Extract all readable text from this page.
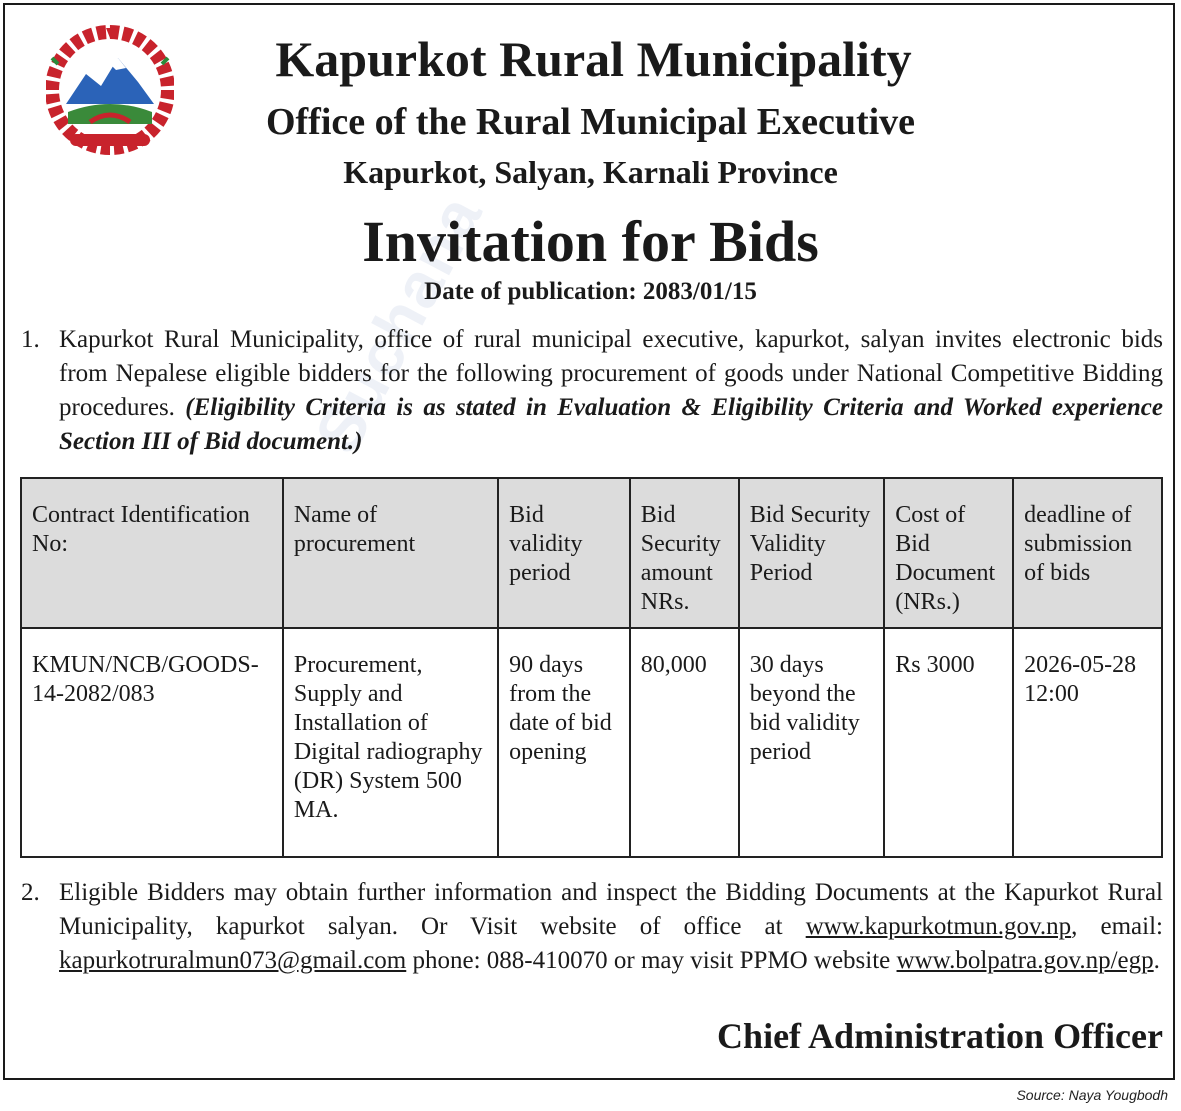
Suchana
Kapurkot Rural Municipality
Office of the Rural Municipal Executive
Kapurkot, Salyan, Karnali Province
Invitation for Bids
Date of publication: 2083/01/15
1. Kapurkot Rural Municipality, office of rural municipal executive, kapurkot, salyan invites electronic bids from Nepalese eligible bidders for the following procurement of goods under National Competitive Bidding procedures. (Eligibility Criteria is as stated in Evaluation & Eligibility Criteria and Worked experience Section III of Bid document.)
Contract Identification No:	Name of procurement	Bid validity period	Bid Security amount NRs.	Bid Security Validity Period	Cost of Bid Document (NRs.)	deadline of submission of bids
KMUN/NCB/GOODS-14-2082/083	Procurement, Supply and Installation of Digital radiography (DR) System 500 MA.	90 days from the date of bid opening	80,000	30 days beyond the bid validity period	Rs 3000	2026-05-28 12:00
2. Eligible Bidders may obtain further information and inspect the Bidding Documents at the Kapurkot Rural Municipality, kapurkot salyan. Or Visit website of office at www.kapurkotmun.gov.np, email: kapurkotruralmun073@gmail.com phone: 088-410070 or may visit PPMO website www.bolpatra.gov.np/egp.
Chief Administration Officer
Source: Naya Yougbodh
